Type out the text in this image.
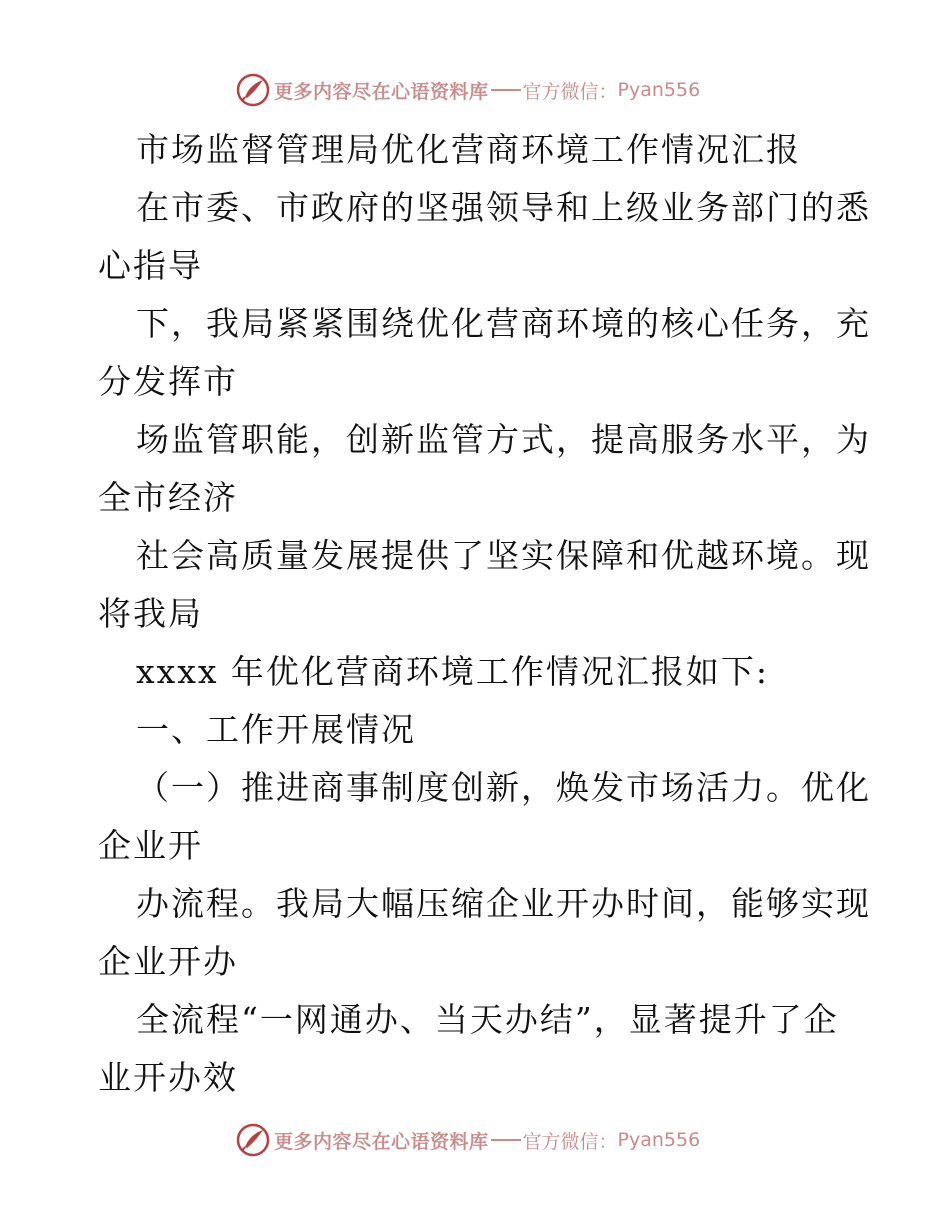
更多内容尽在心语资料库 官方微信： Pyan556
市场监督管理局优化营商环境工作情况汇报
在市委、市政府的坚强领导和上级业务部门的悉
心指导
下，我局紧紧围绕优化营商环境的核心任务，充
分发挥市
场监管职能，创新监管方式，提高服务水平，为
全市经济
社会高质量发展提供了坚实保障和优越环境。现
将我局
xxxx 年优化营商环境工作情况汇报如下:
一、工作开展情况
（一）推进商事制度创新，焕发市场活力。优化
企业开
办流程。我局大幅压缩企业开办时间，能够实现
企业开办
全流程“一网通办、当天办结”，显著提升了企
业开办效
更多内容尽在心语资料库 官方微信： Pyan556
